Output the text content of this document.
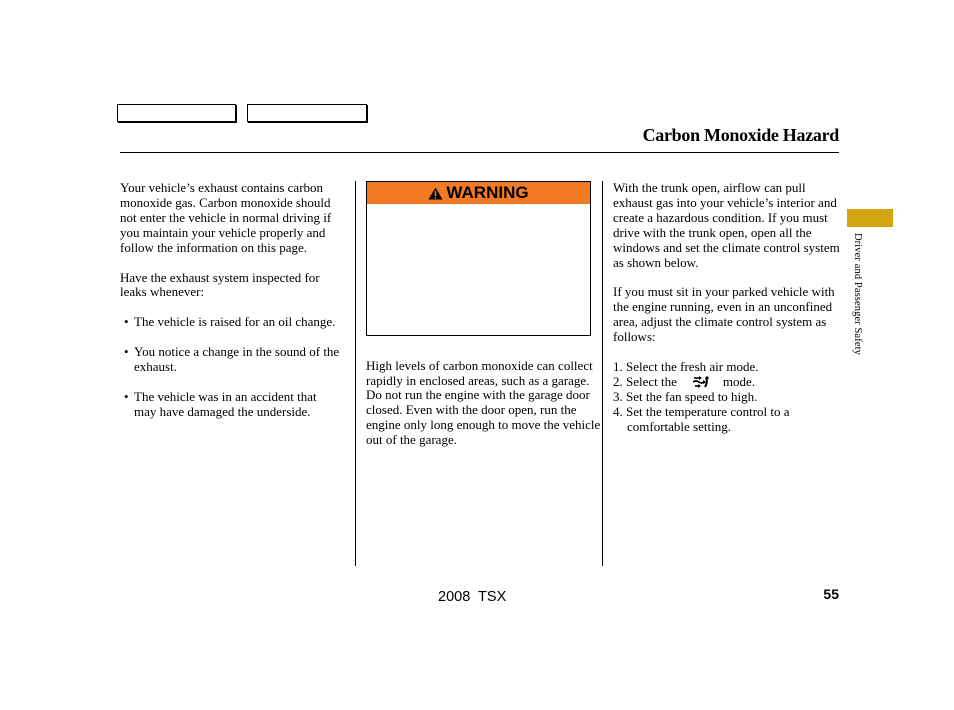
Carbon Monoxide Hazard

Your vehicle’s exhaust contains carbon monoxide gas. Carbon monoxide should not enter the vehicle in normal driving if you maintain your vehicle properly and follow the information on this page.

Have the exhaust system inspected for leaks whenever:

• The vehicle is raised for an oil change.

• You notice a change in the sound of the exhaust.

• The vehicle was in an accident that may have damaged the underside.

WARNING

High levels of carbon monoxide can collect rapidly in enclosed areas, such as a garage. Do not run the engine with the garage door closed. Even with the door open, run the engine only long enough to move the vehicle out of the garage.

With the trunk open, airflow can pull exhaust gas into your vehicle’s interior and create a hazardous condition. If you must drive with the trunk open, open all the windows and set the climate control system as shown below.

If you must sit in your parked vehicle with the engine running, even in an unconfined area, adjust the climate control system as follows:

1. Select the fresh air mode.

2. Select the	mode.

3. Set the fan speed to high.

4. Set the temperature control to a comfortable setting.

Driver and Passenger Safety
2008  TSX	55
